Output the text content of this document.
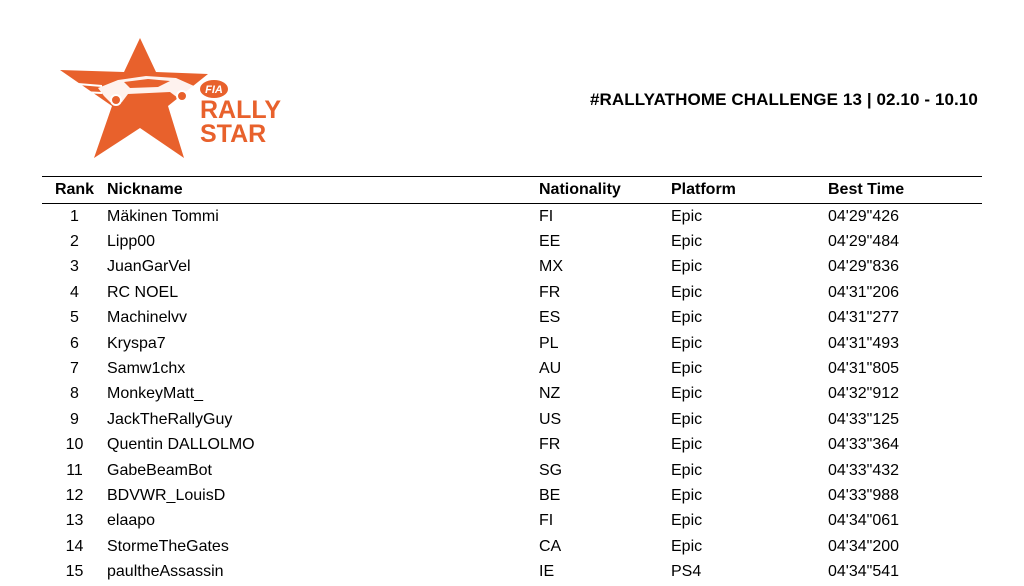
FIA
RALLY
STAR
#RALLYATHOME CHALLENGE 13 | 02.10 - 10.10
Rank	Nickname	Nationality	Platform	Best Time
1	Mäkinen Tommi	FI	Epic	04'29"426
2	Lipp00	EE	Epic	04'29"484
3	JuanGarVel	MX	Epic	04'29"836
4	RC NOEL	FR	Epic	04'31"206
5	Machinelvv	ES	Epic	04'31"277
6	Kryspa7	PL	Epic	04'31"493
7	Samw1chx	AU	Epic	04'31"805
8	MonkeyMatt_	NZ	Epic	04'32"912
9	JackTheRallyGuy	US	Epic	04'33"125
10	Quentin DALLOLMO	FR	Epic	04'33"364
11	GabeBeamBot	SG	Epic	04'33"432
12	BDVWR_LouisD	BE	Epic	04'33"988
13	elaapo	FI	Epic	04'34"061
14	StormeTheGates	CA	Epic	04'34"200
15	paultheAssassin	IE	PS4	04'34"541
